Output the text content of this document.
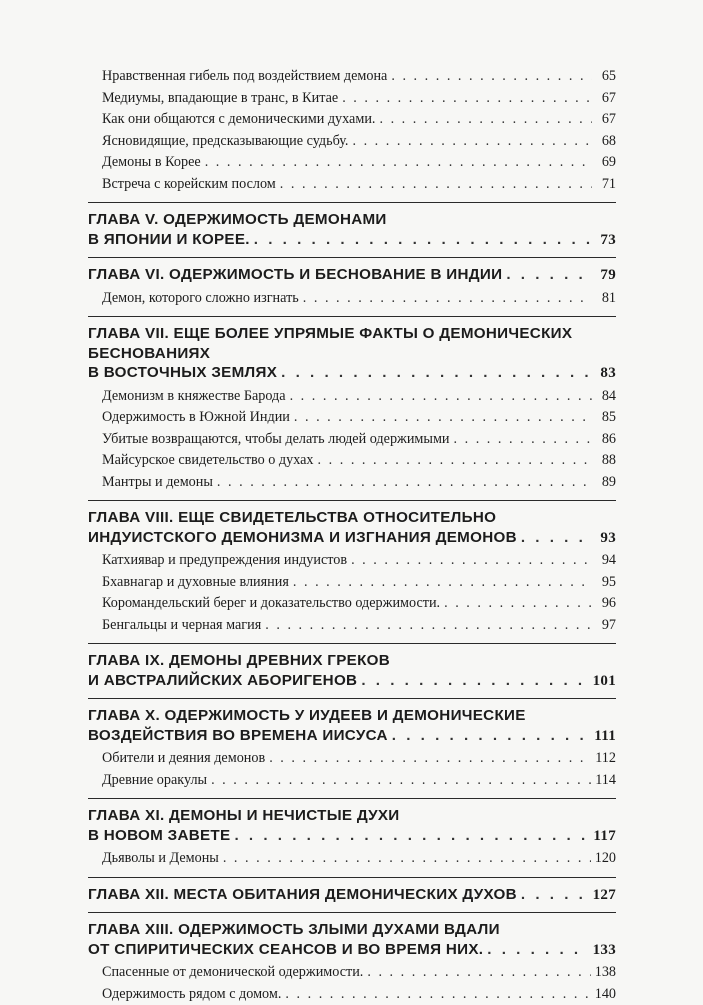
Нравственная гибель под воздействием демона . . .	65
Медиумы, впадающие в транс, в Китае . . .	67
Как они общаются с демоническими духами. . . .	67
Ясновидящие, предсказывающие судьбу. . . .	68
Демоны в Корее . . .	69
Встреча с корейским послом . . .	71
ГЛАВА V. ОДЕРЖИМОСТЬ ДЕМОНАМИ
В ЯПОНИИ И КОРЕЕ. . . .	73
ГЛАВА VI. ОДЕРЖИМОСТЬ И БЕСНОВАНИЕ В ИНДИИ . . .	79
Демон, которого сложно изгнать . . .	81
ГЛАВА VII. ЕЩЕ БОЛЕЕ УПРЯМЫЕ ФАКТЫ О ДЕМОНИЧЕСКИХ
БЕСНОВАНИЯХ
В ВОСТОЧНЫХ ЗЕМЛЯХ . . .	83
Демонизм в княжестве Барода . . .	84
Одержимость в Южной Индии . . .	85
Убитые возвращаются, чтобы делать людей одержимыми . . .	86
Майсурское свидетельство о духах . . .	88
Мантры и демоны . . .	89
ГЛАВА VIII. ЕЩЕ СВИДЕТЕЛЬСТВА ОТНОСИТЕЛЬНО
ИНДУИСТСКОГО ДЕМОНИЗМА И ИЗГНАНИЯ ДЕМОНОВ . . .	93
Катхиявар и предупреждения индуистов . . .	94
Бхавнагар и духовные влияния . . .	95
Коромандельский берег и доказательство одержимости. . . .	96
Бенгальцы и черная магия . . .	97
ГЛАВА IX. ДЕМОНЫ ДРЕВНИХ ГРЕКОВ
И АВСТРАЛИЙСКИХ АБОРИГЕНОВ . . .	101
ГЛАВА Х. ОДЕРЖИМОСТЬ У ИУДЕЕВ И ДЕМОНИЧЕСКИЕ
ВОЗДЕЙСТВИЯ ВО ВРЕМЕНА ИИСУСА . . .	111
Обители и деяния демонов . . .	112
Древние оракулы . . .	114
ГЛАВА XI. ДЕМОНЫ И НЕЧИСТЫЕ ДУХИ
В НОВОМ ЗАВЕТЕ . . .	117
Дьяволы и Демоны . . .	120
ГЛАВА XII. МЕСТА ОБИТАНИЯ ДЕМОНИЧЕСКИХ ДУХОВ . . .	127
ГЛАВА XIII. ОДЕРЖИМОСТЬ ЗЛЫМИ ДУХАМИ ВДАЛИ
ОТ СПИРИТИЧЕСКИХ СЕАНСОВ И ВО ВРЕМЯ НИХ. . . .	133
Спасенные от демонической одержимости. . . .	138
Одержимость рядом с домом. . . .	140
